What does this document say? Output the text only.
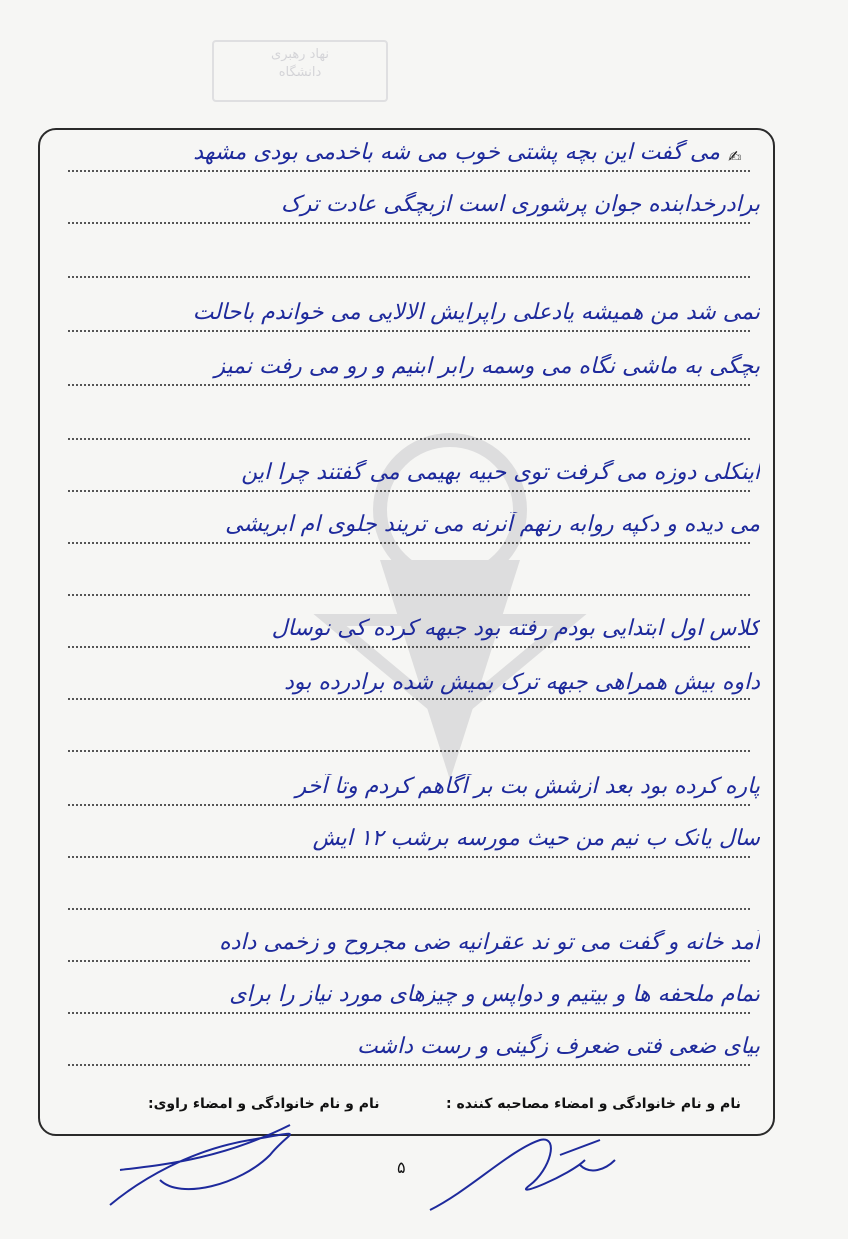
نهاد رهبری
دانشگاه
✍
می گفت این بچه پشتی خوب می شه باخدمی بودی مشهد
برادرخدابنده جوان پرشوری است ازبچگی عادت ترک
نمی شد من همیشه یادعلی راپرایش الالایی می خواندم باحالت
بچگی به ماشی نگاه می وسمه رابر ابنیم و رو می رفت نمیز
اینکلی دوزه می گرفت توی حبیه بهیمی می گفتند چرا این
می دیده و دکپه روابه رنهم آنرنه می تریند جلوی ام ابریشی
کلاس اول ابتدایی بودم رفته بود جبهه کرده کی نوسال
داوه بیش همراهی جبهه ترک بمیش شده برادرده بود
پاره کرده بود بعد ازشش بت بر آگاهم کردم وتا آخر
سال یانک ب نیم من حیث مورسه برشب ۱۲ ایش
آمد خانه و گفت می تو ند عقرانیه ضی مجروح و زخمی داده
تمام ملحفه ها و بیتیم و دواپس و چیزهای مورد نیاز را برای
بیای ضعی فتی ضعرف زگینی و رست داشت
نام و نام خانوادگی و امضاء مصاحبه کننده :
نام و نام خانوادگی و امضاء راوی:
۵
